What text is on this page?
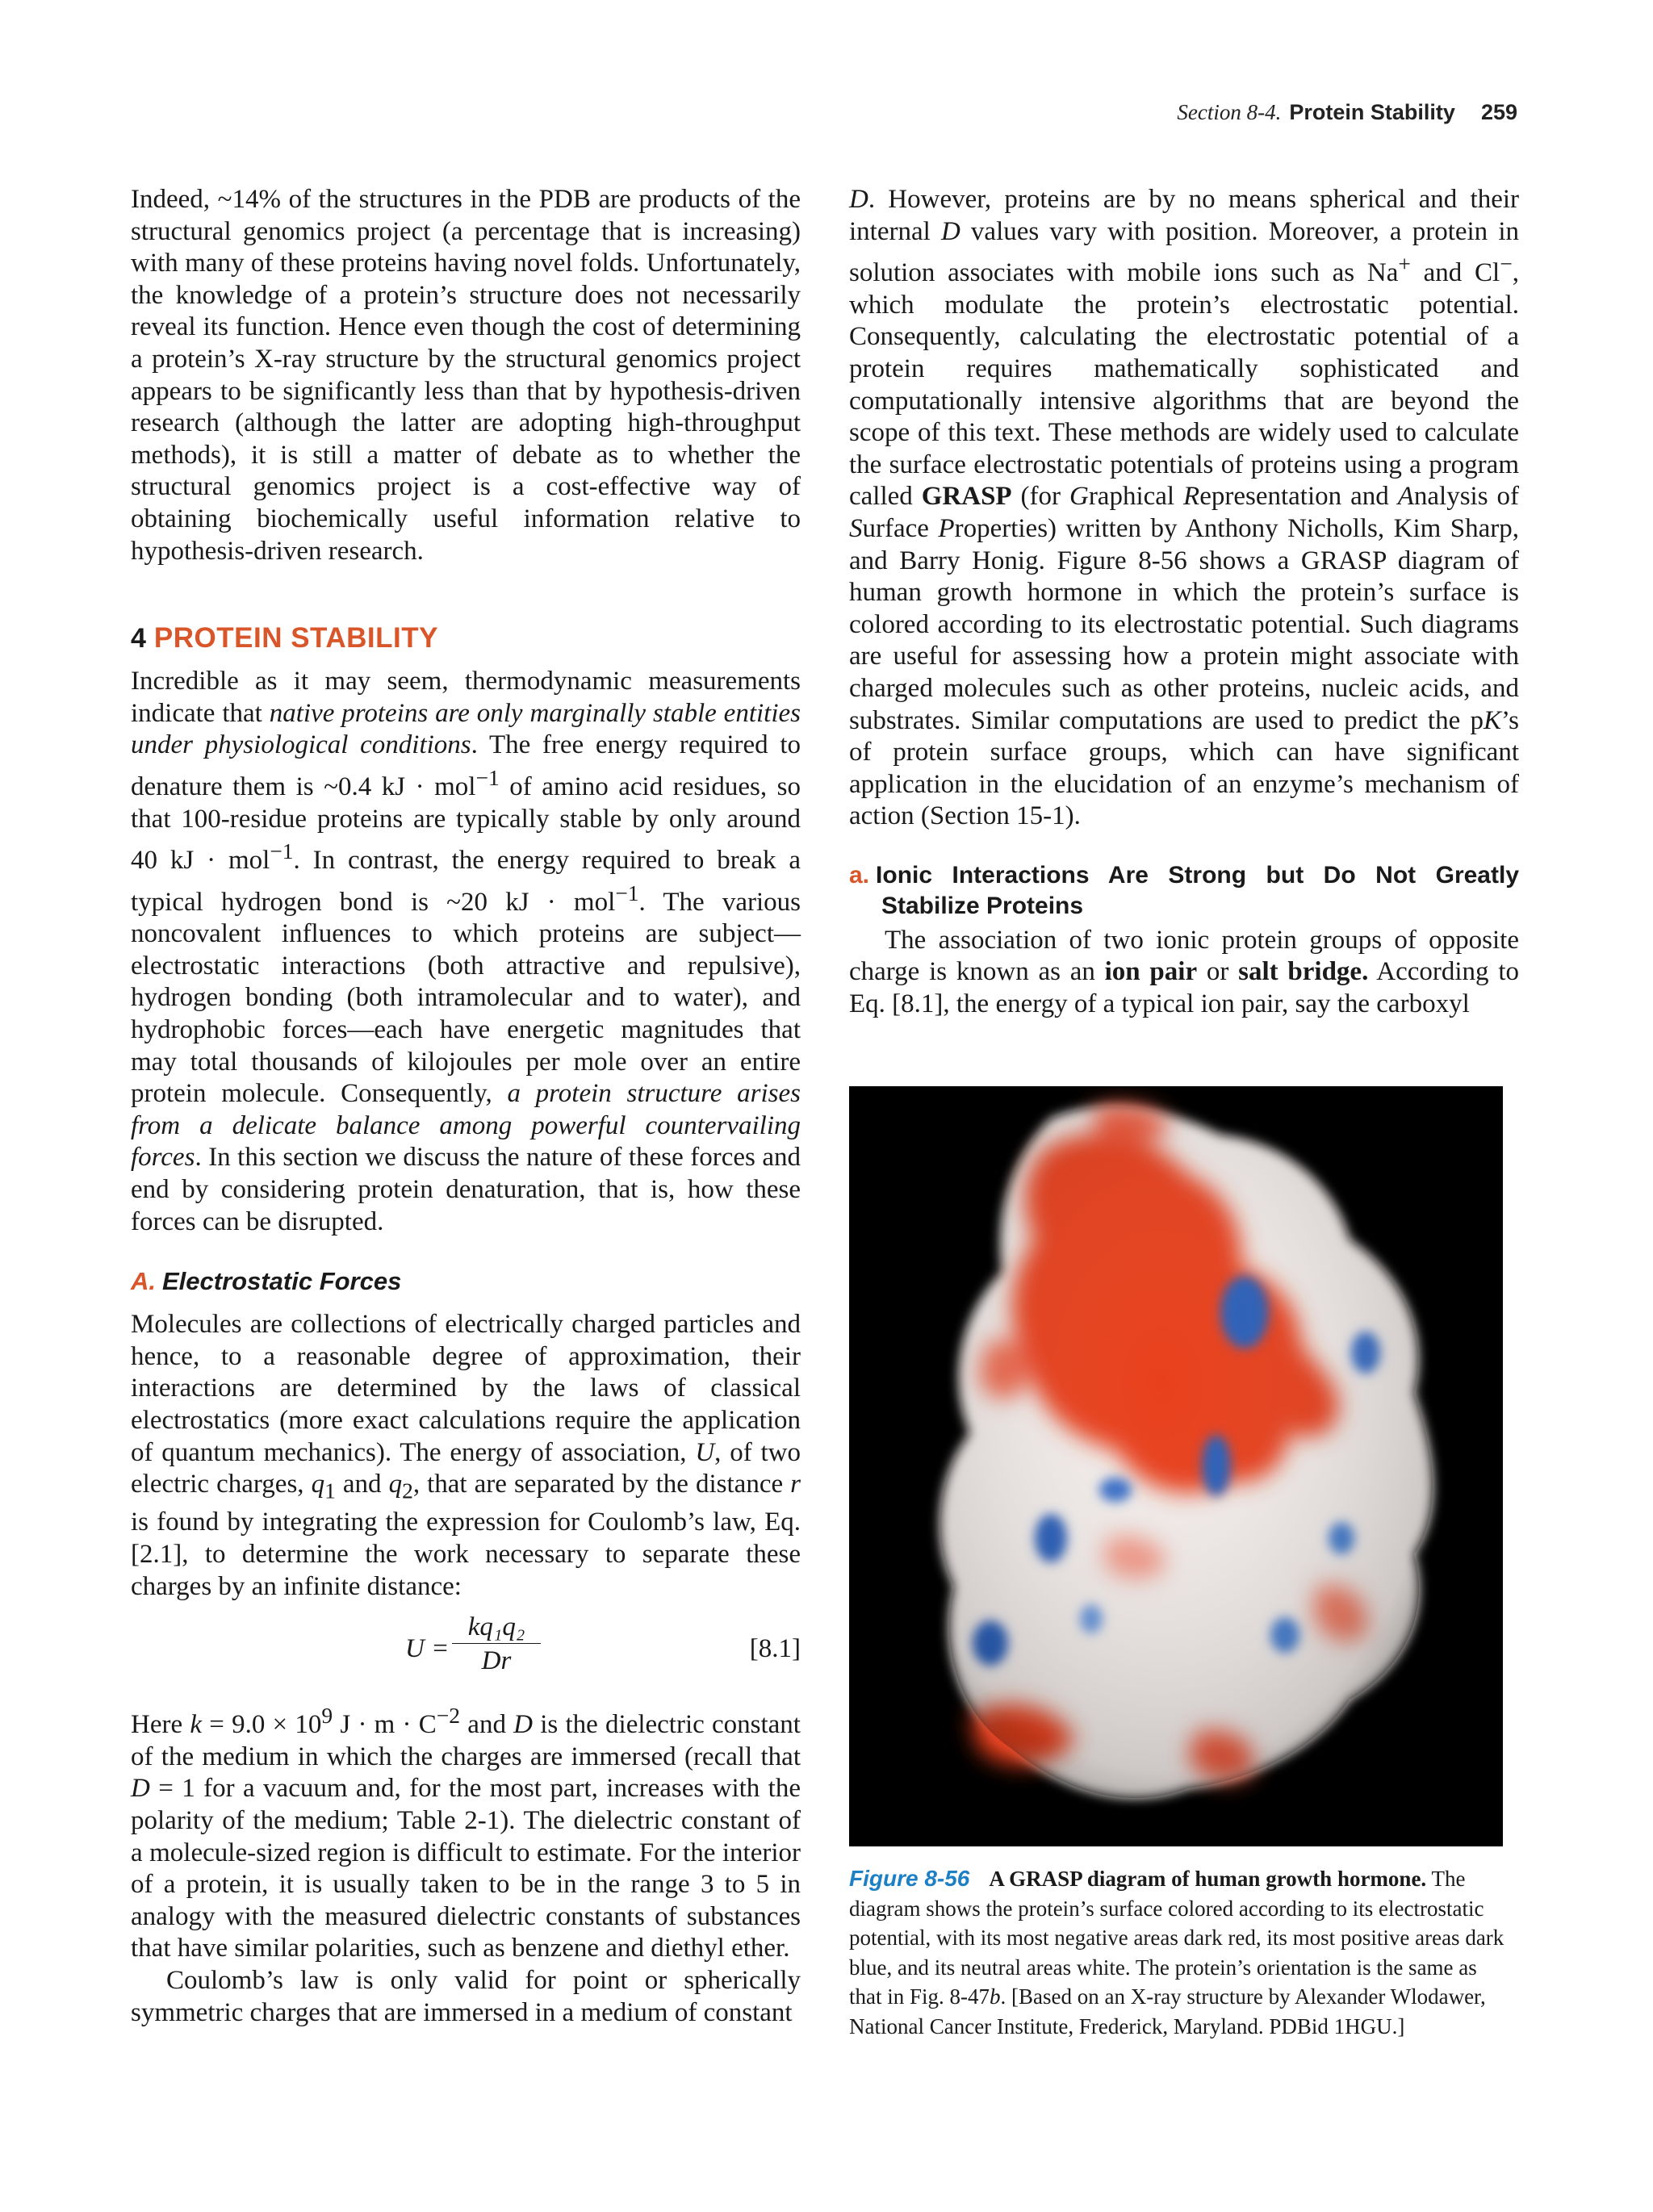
Section 8-4. Protein Stability 259

Indeed, ~14% of the structures in the PDB are products of the structural genomics project (a percentage that is increasing) with many of these proteins having novel folds. Unfortunately, the knowledge of a protein’s structure does not necessarily reveal its function. Hence even though the cost of determining a protein’s X-ray structure by the structural genomics project appears to be significantly less than that by hypothesis-driven research (although the latter are adopting high-throughput methods), it is still a matter of debate as to whether the structural genomics project is a cost-effective way of obtaining biochemically useful information relative to hypothesis-driven research.

4 PROTEIN STABILITY

Incredible as it may seem, thermodynamic measurements indicate that native proteins are only marginally stable entities under physiological conditions. The free energy required to denature them is ~0.4 kJ · mol$^{-1}$ of amino acid residues, so that 100-residue proteins are typically stable by only around 40 kJ · mol$^{-1}$. In contrast, the energy required to break a typical hydrogen bond is ~20 kJ · mol$^{-1}$. The various noncovalent influences to which proteins are subject—electrostatic interactions (both attractive and repulsive), hydrogen bonding (both intramolecular and to water), and hydrophobic forces—each have energetic magnitudes that may total thousands of kilojoules per mole over an entire protein molecule. Consequently, a protein structure arises from a delicate balance among powerful countervailing forces. In this section we discuss the nature of these forces and end by considering protein denaturation, that is, how these forces can be disrupted.

A. Electrostatic Forces

Molecules are collections of electrically charged particles and hence, to a reasonable degree of approximation, their interactions are determined by the laws of classical electrostatics (more exact calculations require the application of quantum mechanics). The energy of association, U, of two electric charges, $q_1$ and $q_2$, that are separated by the distance r is found by integrating the expression for Coulomb’s law, Eq. [2.1], to determine the work necessary to separate these charges by an infinite distance:

$U = \frac{\text{kq₁q₂}}{Dr}$	[8.1]

Here $k = 9.0 \times 10^9$ $J \cdot m \cdot C^{-2}$ and D is the dielectric constant of the medium in which the charges are immersed (recall that D = 1 for a vacuum and, for the most part, increases with the polarity of the medium; Table 2-1). The dielectric constant of a molecule-sized region is difficult to estimate. For the interior of a protein, it is usually taken to be in the range 3 to 5 in analogy with the measured dielectric constants of substances that have similar polarities, such as benzene and diethyl ether.

Coulomb’s law is only valid for point or spherically symmetric charges that are immersed in a medium of constant

D. However, proteins are by no means spherical and their internal D values vary with position. Moreover, a protein in solution associates with mobile ions such as Na+ and Cl−, which modulate the protein’s electrostatic potential. Consequently, calculating the electrostatic potential of a protein requires mathematically sophisticated and computationally intensive algorithms that are beyond the scope of this text. These methods are widely used to calculate the surface electrostatic potentials of proteins using a program called GRASP (for Graphical Representation and Analysis of Surface Properties) written by Anthony Nicholls, Kim Sharp, and Barry Honig. Figure 8-56 shows a GRASP diagram of human growth hormone in which the protein’s surface is colored according to its electrostatic potential. Such diagrams are useful for assessing how a protein might associate with charged molecules such as other proteins, nucleic acids, and substrates. Similar computations are used to predict the pK’s of protein surface groups, which can have significant application in the elucidation of an enzyme’s mechanism of action (Section 15-1).

a. Ionic Interactions Are Strong but Do Not Greatly Stabilize Proteins

The association of two ionic protein groups of opposite charge is known as an ion pair or salt bridge. According to Eq. [8.1], the energy of a typical ion pair, say the carboxyl

Figure 8-56 A GRASP diagram of human growth hormone. The diagram shows the protein’s surface colored according to its electrostatic potential, with its most negative areas dark red, its most positive areas dark blue, and its neutral areas white. The protein’s orientation is the same as that in Fig. 8-47b. [Based on an X-ray structure by Alexander Wlodawer, National Cancer Institute, Frederick, Maryland. PDBid 1HGU.]
